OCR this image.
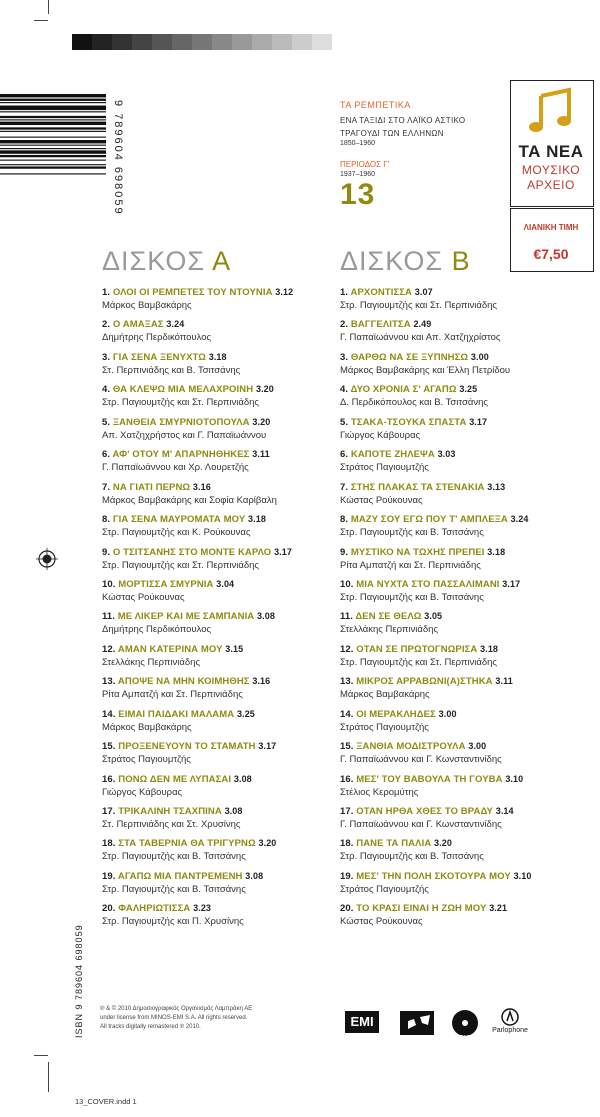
9 789604 698059	ΤΑ ΡΕΜΠΕΤΙΚΑ
ΕΝΑ ΤΑΞΙΔΙ ΣΤΟ ΛΑΪΚΟ ΑΣΤΙΚΟ ΤΡΑΓΟΥΔΙ ΤΩΝ ΕΛΛΗΝΩΝ
1850–1960
ΠΕΡΙΟΔΟΣ Γ'
1937–1960
13
ΤΑ ΝΕΑ
ΜΟΥΣΙΚΟ
ΑΡΧΕΙΟ
ΛΙΑΝΙΚΗ ΤΙΜΗ
€7,50
ΔΙΣΚΟΣ Α	ΔΙΣΚΟΣ Β
1. ΟΛΟΙ ΟΙ ΡΕΜΠΕΤΕΣ ΤΟΥ ΝΤΟΥΝΙΑ 3.12
Μάρκος Βαμβακάρης
2. Ο ΑΜΑΞΑΣ 3.24
Δημήτρης Περδικόπουλος
3. ΓΙΑ ΣΕΝΑ ΞΕΝΥΧΤΩ 3.18
Στ. Περπινιάδης και Β. Τσιτσάνης
4. ΘΑ ΚΛΕΨΩ ΜΙΑ ΜΕΛΑΧΡΟΙΝΗ 3.20
Στρ. Παγιουμτζής και Στ. Περπινιάδης
5. ΞΑΝΘΕΙΑ ΣΜΥΡΝΙΟΤΟΠΟΥΛΑ 3.20
Απ. Χατζηχρήστος και Γ. Παπαϊωάννου
6. ΑΦ' ΟΤΟΥ Μ' ΑΠΑΡΝΗΘΗΚΕΣ 3.11
Γ. Παπαϊωάννου και Χρ. Λουρετζής
7. ΝΑ ΓΙΑΤΙ ΠΕΡΝΩ 3.16
Μάρκος Βαμβακάρης και Σοφία Καρίβαλη
8. ΓΙΑ ΣΕΝΑ ΜΑΥΡΟΜΑΤΑ ΜΟΥ 3.18
Στρ. Παγιουμτζής και Κ. Ρούκουνας
9. Ο ΤΣΙΤΣΑΝΗΣ ΣΤΟ ΜΟΝΤΕ ΚΑΡΛΟ 3.17
Στρ. Παγιουμτζής και Στ. Περπινιάδης
10. ΜΟΡΤΙΣΣΑ ΣΜΥΡΝΙΑ 3.04
Κώστας Ρούκουνας
11. ΜΕ ΛΙΚΕΡ ΚΑΙ ΜΕ ΣΑΜΠΑΝΙΑ 3.08
Δημήτρης Περδικόπουλος
12. ΑΜΑΝ ΚΑΤΕΡΙΝΑ ΜΟΥ 3.15
Στελλάκης Περπινιάδης
13. ΑΠΟΨΕ ΝΑ ΜΗΝ ΚΟΙΜΗΘΗΣ 3.16
Ρίτα Αμπατζή και Στ. Περπινιάδης
14. ΕΙΜΑΙ ΠΑΙΔΑΚΙ ΜΑΛΑΜΑ 3.25
Μάρκος Βαμβακάρης
15. ΠΡΟΞΕΝΕΥΟΥΝ ΤΟ ΣΤΑΜΑΤΗ 3.17
Στράτος Παγιουμτζής
16. ΠΟΝΩ ΔΕΝ ΜΕ ΛΥΠΑΣΑΙ 3.08
Γιώργος Κάβουρας
17. ΤΡΙΚΑΛΙΝΗ ΤΣΑΧΠΙΝΑ 3.08
Στ. Περπινιάδης και Στ. Χρυσίνης
18. ΣΤΑ ΤΑΒΕΡΝΙΑ ΘΑ ΤΡΙΓΥΡΝΩ 3.20
Στρ. Παγιουμτζής και Β. Τσιτσάνης
19. ΑΓΑΠΩ ΜΙΑ ΠΑΝΤΡΕΜΕΝΗ 3.08
Στρ. Παγιουμτζής και Β. Τσιτσάνης
20. ΦΑΛΗΡΙΩΤΙΣΣΑ 3.23
Στρ. Παγιουμτζής και Π. Χρυσίνης
1. ΑΡΧΟΝΤΙΣΣΑ 3.07
Στρ. Παγιουμτζής και Στ. Περπινιάδης
2. ΒΑΓΓΕΛΙΤΣΑ 2.49
Γ. Παπαϊωάννου και Απ. Χατζηχρίστος
3. ΘΑΡΘΩ ΝΑ ΣΕ ΞΥΠΝΗΣΩ 3.00
Μάρκος Βαμβακάρης και Έλλη Πετρίδου
4. ΔΥΟ ΧΡΟΝΙΑ Σ' ΑΓΑΠΩ 3.25
Δ. Περδικόπουλος και Β. Τσιτσάνης
5. ΤΣΑΚΑ-ΤΣΟΥΚΑ ΣΠΑΣΤΑ 3.17
Γιώργος Κάβουρας
6. ΚΑΠΟΤΕ ΖΗΛΕΨΑ 3.03
Στράτος Παγιουμτζής
7. ΣΤΗΣ ΠΛΑΚΑΣ ΤΑ ΣΤΕΝΑΚΙΑ 3.13
Κώστας Ρούκουνας
8. ΜΑΖΥ ΣΟΥ ΕΓΩ ΠΟΥ Τ' ΑΜΠΛΕΞΑ 3.24
Στρ. Παγιουμτζής και Β. Τσιτσάνης
9. ΜΥΣΤΙΚΟ ΝΑ ΤΩΧΗΣ ΠΡΕΠΕΙ 3.18
Ρίτα Αμπατζή και Στ. Περπινιάδης
10. ΜΙΑ ΝΥΧΤΑ ΣΤΟ ΠΑΣΣΑΛΙΜΑΝΙ 3.17
Στρ. Παγιουμτζής και Β. Τσιτσάνης
11. ΔΕΝ ΣΕ ΘΕΛΩ 3.05
Στελλάκης Περπινιάδης
12. ΟΤΑΝ ΣΕ ΠΡΩΤΟΓΝΩΡΙΣΑ 3.18
Στρ. Παγιουμτζής και Στ. Περπινιάδης
13. ΜΙΚΡΟΣ ΑΡΡΑΒΩΝΙ(Α)ΣΤΗΚΑ 3.11
Μάρκος Βαμβακάρης
14. ΟΙ ΜΕΡΑΚΛΗΔΕΣ 3.00
Στράτος Παγιουμτζής
15. ΞΑΝΘΙΑ ΜΟΔΙΣΤΡΟΥΛΑ 3.00
Γ. Παπαϊωάννου και Γ. Κωνσταντινίδης
16. ΜΕΣ' ΤΟΥ ΒΑΒΟΥΛΑ ΤΗ ΓΟΥΒΑ 3.10
Στέλιος Κερομύτης
17. ΟΤΑΝ ΗΡΘΑ ΧΘΕΣ ΤΟ ΒΡΑΔΥ 3.14
Γ. Παπαϊωάννου και Γ. Κωνσταντινίδης
18. ΠΑΝΕ ΤΑ ΠΑΛΙΑ 3.20
Στρ. Παγιουμτζής και Β. Τσιτσάνης
19. ΜΕΣ' ΤΗΝ ΠΟΛΗ ΣΚΟΤΟΥΡΑ ΜΟΥ 3.10
Στράτος Παγιουμτζής
20. ΤΟ ΚΡΑΣΙ ΕΙΝΑΙ Η ΖΩΗ ΜΟΥ 3.21
Κώστας Ρούκουνας
ISBN 9 789604 698059	℗ & © 2010 Δημοσιογραφικός Οργανισμός Λαμπράκη ΑΕ
under license from MINOS-EMI S.A. All rights reserved.
All tracks digitally remastered ℗ 2010.	EMI
ODEON
Parlophone
13_COVER.indd 1
